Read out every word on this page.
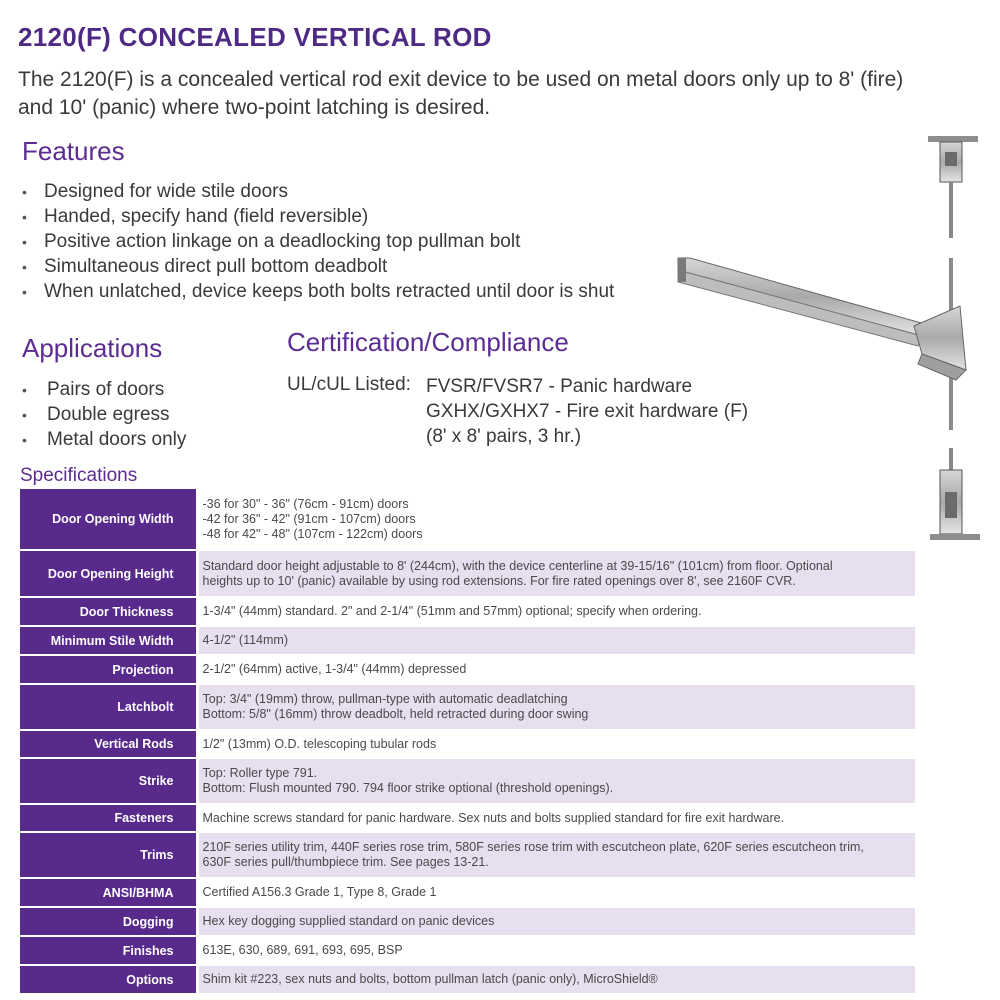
2120(F) CONCEALED VERTICAL ROD
The 2120(F) is a concealed vertical rod exit device to be used on metal doors only up to 8' (fire)
and 10' (panic) where two-point latching is desired.
Features
• Designed for wide stile doors
• Handed, specify hand (field reversible)
• Positive action linkage on a deadlocking top pullman bolt
• Simultaneous direct pull bottom deadbolt
• When unlatched, device keeps both bolts retracted until door is shut
Applications
•	Pairs of doors
•	Double egress
•	Metal doors only
Certification/Compliance
UL/cUL Listed: FVSR/FVSR7 - Panic hardware
GXHX/GXHX7 - Fire exit hardware (F)
(8' x 8' pairs, 3 hr.)
Specifications
Door Opening Width	-36 for 30" - 36" (76cm - 91cm) doors
-42 for 36" - 42" (91cm - 107cm) doors
-48 for 42" - 48" (107cm - 122cm) doors

Door Opening Height	Standard door height adjustable to 8' (244cm), with the device centerline at 39-15/16" (101cm) from floor. Optional
heights up to 10' (panic) available by using rod extensions. For fire rated openings over 8', see 2160F CVR.

Door Thickness	1-3/4" (44mm) standard. 2" and 2-1/4" (51mm and 57mm) optional; specify when ordering.

Minimum Stile Width	4-1/2" (114mm)

Projection	2-1/2" (64mm) active, 1-3/4" (44mm) depressed

Latchbolt	Top: 3/4" (19mm) throw, pullman-type with automatic deadlatching
Bottom: 5/8" (16mm) throw deadbolt, held retracted during door swing

Vertical Rods	1/2" (13mm) O.D. telescoping tubular rods

Strike	Top: Roller type 791.
Bottom: Flush mounted 790. 794 floor strike optional (threshold openings).

Fasteners	Machine screws standard for panic hardware. Sex nuts and bolts supplied standard for fire exit hardware.

Trims	210F series utility trim, 440F series rose trim, 580F series rose trim with escutcheon plate, 620F series escutcheon trim,
630F series pull/thumbpiece trim. See pages 13-21.

ANSI/BHMA	Certified A156.3 Grade 1, Type 8, Grade 1

Dogging	Hex key dogging supplied standard on panic devices

Finishes	613E, 630, 689, 691, 693, 695, BSP

Options	Shim kit #223, sex nuts and bolts, bottom pullman latch (panic only), MicroShield®
